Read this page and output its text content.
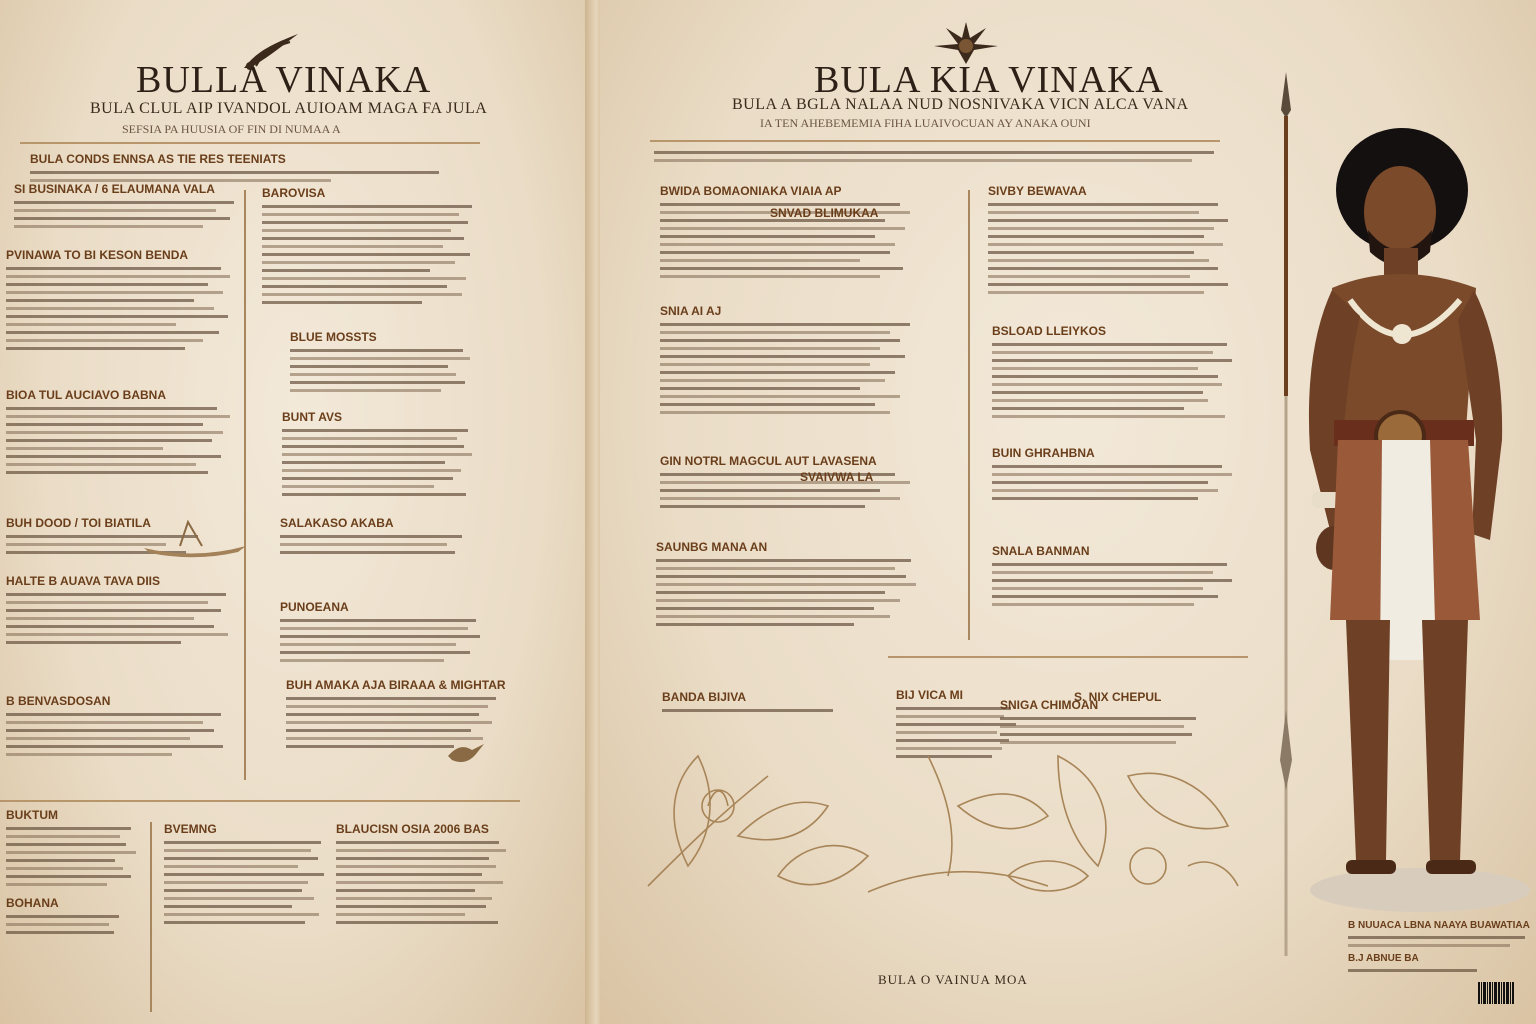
BULLA VINAKA
BULA CLUL AIP IVANDOL AUIOAM MAGA FA JULA
SEFSIA PA HUUSIA OF FIN DI NUMAA A
BULA CONDS ENNSA AS TIE RES TEENIATS
SI BUSINAKA / 6 ELAUMANA VALA
PVINAWA TO BI KESON BENDA
BIOA TUL AUCIAVO BABNA
BUH DOOD / TOI BIATILA
HALTE B AUAVA TAVA DIIS
B BENVASDOSAN
BAROVISA
BLUE MOSSTS
BUNT AVS
SALAKASO AKABA
PUNOEANA
BUH AMAKA AJA BIRAAA & MIGHTAR
BUKTUM
BOHANA
BVEMNG	BLAUCISN OSIA 2006 BAS
BULA KIA VINAKA
BULA A BGLA NALAA NUD NOSNIVAKA VICN ALCA VANA
IA TEN AHEBEMEMIA FIHA LUAIVOCUAN AY ANAKA OUNI
BWIDA BOMAONIAKA VIAIA AP
SNIA AI AJ
GIN NOTRL MAGCUL AUT LAVASENA
SAUNBG MANA AN
SNVAD BLIMUKAA
SVAIVWA LA
SIVBY BEWAVAA
BSLOAD LLEIYKOS
BUIN GHRAHBNA
SNALA BANMAN
BANDA BIJIVA	BIJ VICA MI
SNIGA CHIMOAN
S. NIX CHEPUL
BULA O VAINUA MOA
B NUUACA LBNA NAAYA BUAWATIAA
B.J ABNUE BA
